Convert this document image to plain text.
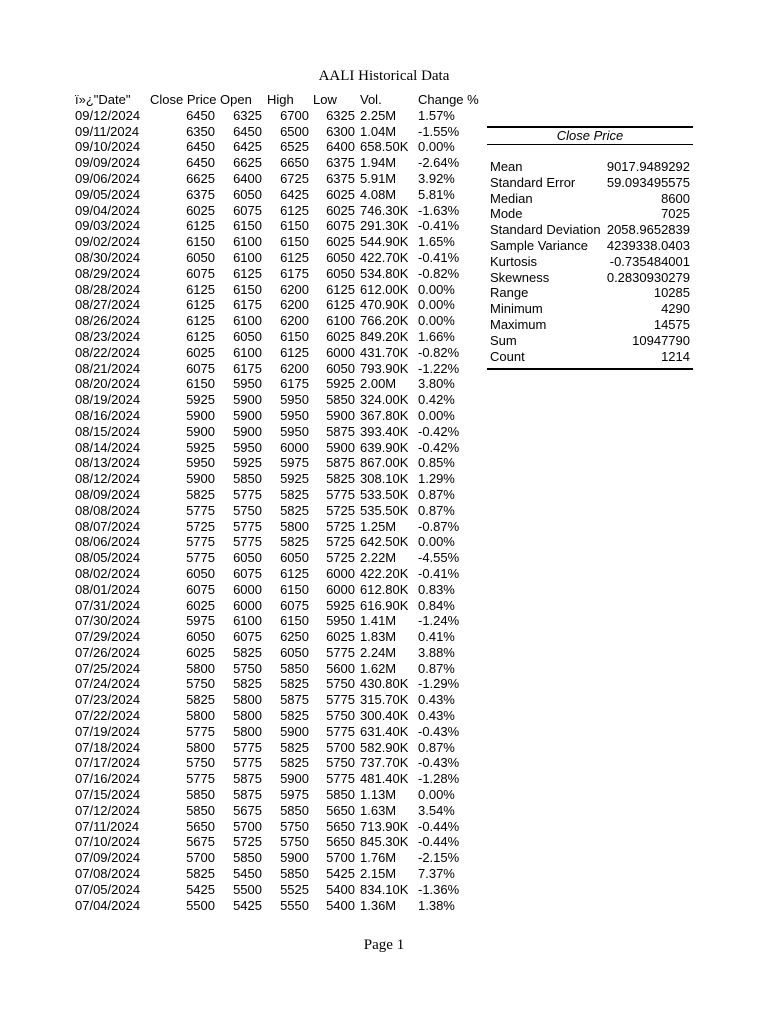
AALI Historical Data
ï»¿"Date" Close Price Open High Low Vol.	Change %
09/12/2024	6450	6325	6700	6325 2.25M 1.57%
09/11/2024	6350	6450	6500	6300 1.04M -1.55%
09/10/2024	6450	6425	6525	6400 658.50K 0.00%
09/09/2024	6450	6625	6650	6375 1.94M -2.64%
09/06/2024	6625	6400	6725	6375 5.91M 3.92%
09/05/2024	6375	6050	6425	6025 4.08M 5.81%
09/04/2024	6025	6075	6125	6025 746.30K -1.63%
09/03/2024	6125	6150	6150	6075 291.30K -0.41%
09/02/2024	6150	6100	6150	6025 544.90K 1.65%
08/30/2024	6050	6100	6125	6050 422.70K -0.41%
08/29/2024	6075	6125	6175	6050 534.80K -0.82%
08/28/2024	6125	6150	6200	6125 612.00K 0.00%
08/27/2024	6125	6175	6200	6125 470.90K 0.00%
08/26/2024	6125	6100	6200	6100 766.20K 0.00%
08/23/2024	6125	6050	6150	6025 849.20K 1.66%
08/22/2024	6025	6100	6125	6000 431.70K -0.82%
08/21/2024	6075	6175	6200	6050 793.90K -1.22%
08/20/2024	6150	5950	6175	5925 2.00M 3.80%
08/19/2024	5925	5900	5950	5850 324.00K 0.42%
08/16/2024	5900	5900	5950	5900 367.80K 0.00%
08/15/2024	5900	5900	5950	5875 393.40K -0.42%
08/14/2024	5925	5950	6000	5900 639.90K -0.42%
08/13/2024	5950	5925	5975	5875 867.00K 0.85%
08/12/2024	5900	5850	5925	5825 308.10K 1.29%
08/09/2024	5825	5775	5825	5775 533.50K 0.87%
08/08/2024	5775	5750	5825	5725 535.50K 0.87%
08/07/2024	5725	5775	5800	5725 1.25M -0.87%
08/06/2024	5775	5775	5825	5725 642.50K 0.00%
08/05/2024	5775	6050	6050	5725 2.22M -4.55%
08/02/2024	6050	6075	6125	6000 422.20K -0.41%
08/01/2024	6075	6000	6150	6000 612.80K 0.83%
07/31/2024	6025	6000	6075	5925 616.90K 0.84%
07/30/2024	5975	6100	6150	5950 1.41M -1.24%
07/29/2024	6050	6075	6250	6025 1.83M 0.41%
07/26/2024	6025	5825	6050	5775 2.24M 3.88%
07/25/2024	5800	5750	5850	5600 1.62M 0.87%
07/24/2024	5750	5825	5825	5750 430.80K -1.29%
07/23/2024	5825	5800	5875	5775 315.70K 0.43%
07/22/2024	5800	5800	5825	5750 300.40K 0.43%
07/19/2024	5775	5800	5900	5775 631.40K -0.43%
07/18/2024	5800	5775	5825	5700 582.90K 0.87%
07/17/2024	5750	5775	5825	5750 737.70K -0.43%
07/16/2024	5775	5875	5900	5775 481.40K -1.28%
07/15/2024	5850	5875	5975	5850 1.13M 0.00%
07/12/2024	5850	5675	5850	5650 1.63M 3.54%
07/11/2024	5650	5700	5750	5650 713.90K -0.44%
07/10/2024	5675	5725	5750	5650 845.30K -0.44%
07/09/2024	5700	5850	5900	5700 1.76M -2.15%
07/08/2024	5825	5450	5850	5425 2.15M 7.37%
07/05/2024	5425	5500	5525	5400 834.10K -1.36%
07/04/2024	5500	5425	5550	5400 1.36M 1.38%
Close Price
Mean	9017.9489292
Standard Error 59.093495575
Median	8600
Mode	7025
Standard Deviation 2058.9652839
Sample Variance 4239338.0403
Kurtosis	-0.735484001
Skewness	0.2830930279
Range	10285
Minimum	4290
Maximum	14575
Sum	10947790
Count	1214
Page 1
